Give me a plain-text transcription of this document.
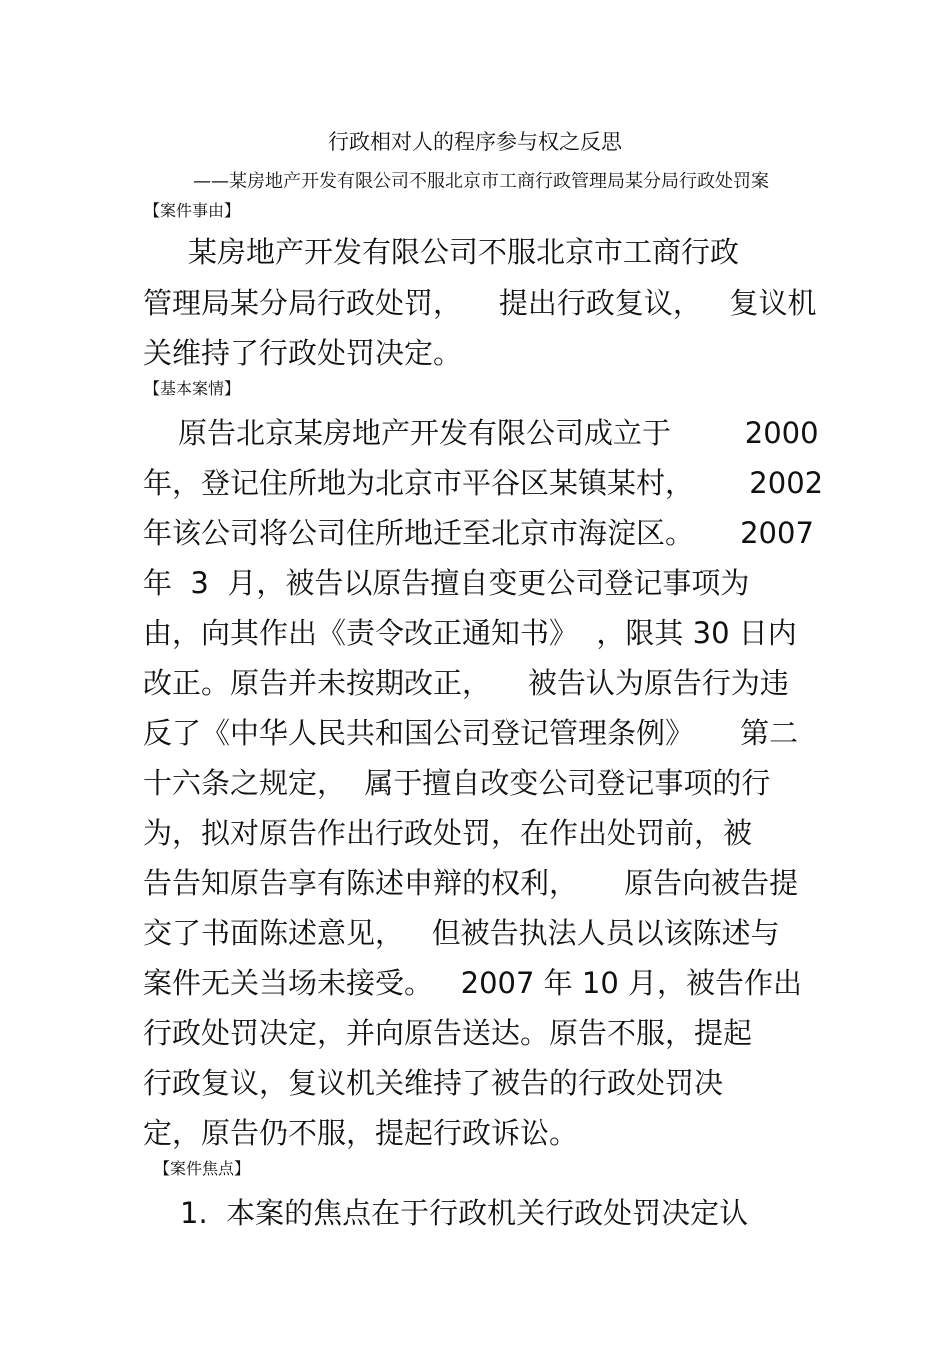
行政相对人的程序参与权之反思
——某房地产开发有限公司不服北京市工商行政管理局某分局行政处罚案
【案件事由】
某房地产开发有限公司不服北京市工商行政
管理局某分局行政处罚，    提出行政复议，   复议机
关维持了行政处罚决定。
【基本案情】
原告北京某房地产开发有限公司成立于        2000
年，登记住所地为北京市平谷区某镇某村，      2002
年该公司将公司住所地迁至北京市海淀区。     2007
年  3  月，被告以原告擅自变更公司登记事项为
由，向其作出《责令改正通知书》  ，限其 30 日内
改正。原告并未按期改正，    被告认为原告行为违
反了《中华人民共和国公司登记管理条例》     第二
十六条之规定，  属于擅自改变公司登记事项的行
为，拟对原告作出行政处罚，在作出处罚前，被
告告知原告享有陈述申辩的权利，     原告向被告提
交了书面陈述意见，   但被告执法人员以该陈述与
案件无关当场未接受。   2007 年 10 月，被告作出
行政处罚决定，并向原告送达。原告不服，提起
行政复议，复议机关维持了被告的行政处罚决
定，原告仍不服，提起行政诉讼。
【案件焦点】
1.  本案的焦点在于行政机关行政处罚决定认
